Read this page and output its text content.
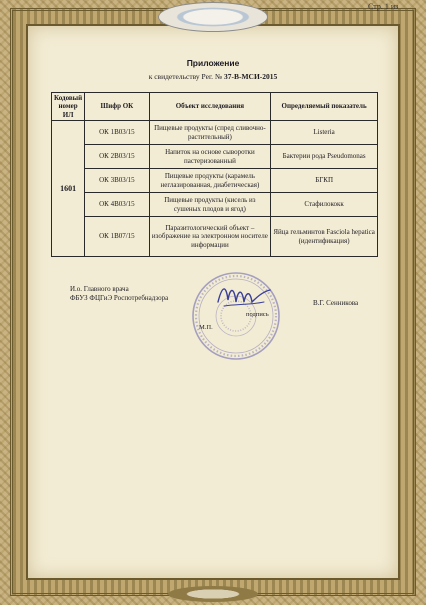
Стр. 1 из
Приложение
к свидетельству Рег. № 37-В-МСИ-2015
Кодовый номер ИЛ	Шифр ОК	Объект исследования	Определяемый показатель
1601	ОК 1В03/15	Пищевые продукты (спред сливочно-растительный)	Listeria
	ОК 2В03/15	Напиток на основе сыворотки пастеризованный	Бактерии рода Pseudomonas
	ОК 3В03/15	Пищевые продукты (карамель неглазированная, диабетическая)	БГКП
	ОК 4В03/15	Пищевые продукты (кисель из сушеных плодов и ягод)	Стафилококк
	ОК 1В07/15	Паразитологический объект – изображение на электронном носителе информации	Яйца гельминтов Fasciola hepatica (идентификация)
И.о. Главного врача
ФБУЗ ФЦГиЭ Роспотребнадзора
подпись
М.П.
В.Г. Сенникова
